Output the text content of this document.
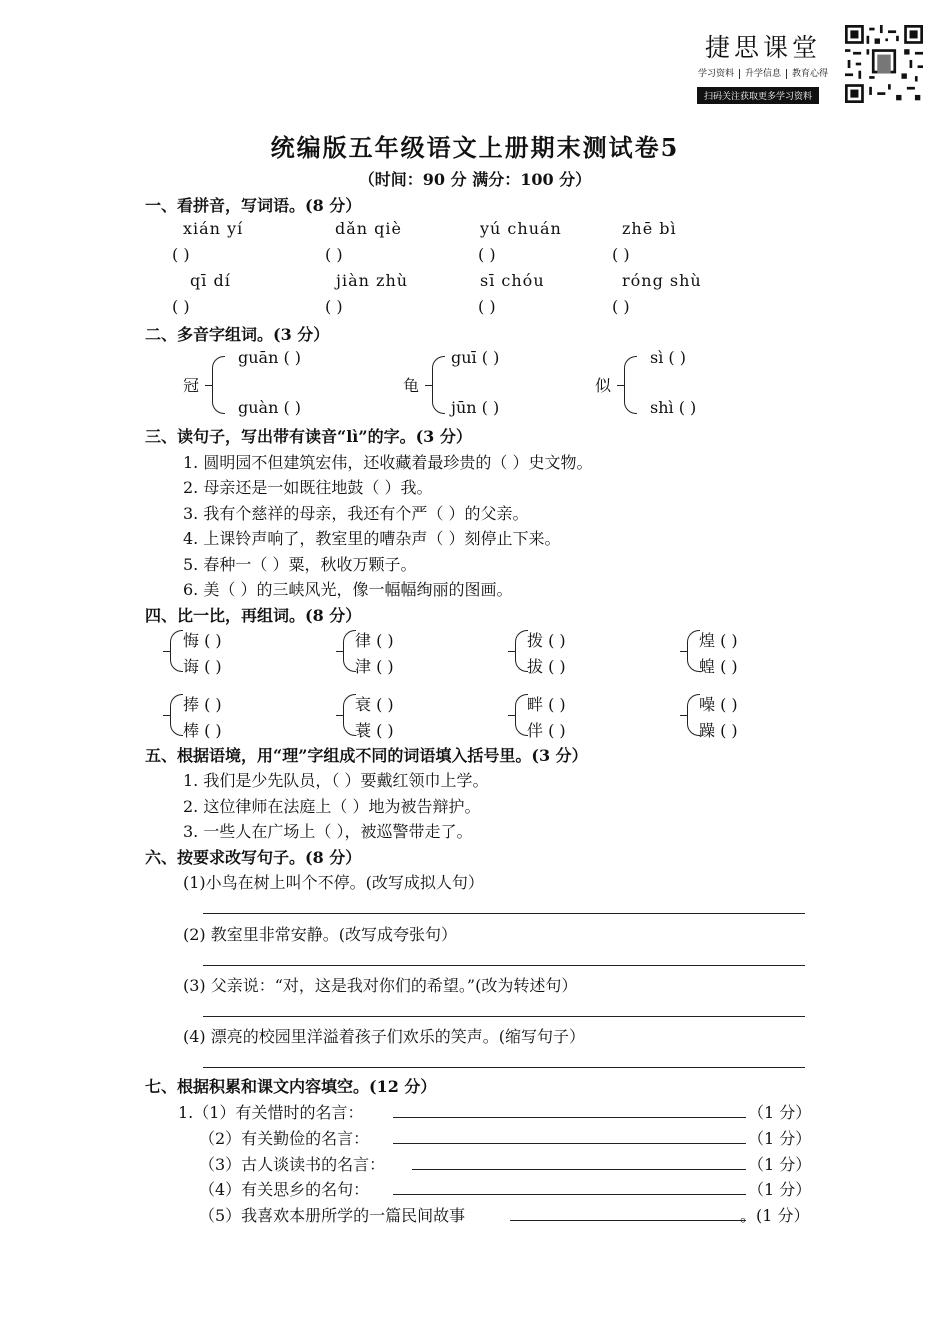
捷思课堂
学习资料 升学信息 教育心得
扫码关注获取更多学习资料
统编版五年级语文上册期末测试卷5
（时间：90 分 满分：100 分）
一、看拼音，写词语。(8 分）
xián yí	dǎn qiè	yú chuán	zhē bì
( )	( )	( )	( )
qī dí	jiàn zhù	sī chóu	róng shù
( )	( )	( )	( )
二、多音字组词。(3 分）
冠
guān ( )
guàn ( )
龟
guī ( )
jūn ( )
似
sì ( )
shì ( )
三、读句子，写出带有读音“lì”的字。(3 分）
1. 圆明园不但建筑宏伟，还收藏着最珍贵的（ ）史文物。
2. 母亲还是一如既往地鼓（ ）我。
3. 我有个慈祥的母亲，我还有个严（ ）的父亲。
4. 上课铃声响了，教室里的嘈杂声（ ）刻停止下来。
5. 春种一（ ）粟，秋收万颗子。
6. 美（ ）的三峡风光，像一幅幅绚丽的图画。
四、比一比，再组词。(8 分）
悔 ( )
诲 ( )
律 ( )
津 ( )
拨 ( )
拔 ( )
煌 ( )
蝗 ( )
捧 ( )
棒 ( )
衰 ( )
蓑 ( )
畔 ( )
伴 ( )
噪 ( )
躁 ( )
五、根据语境，用“理”字组成不同的词语填入括号里。(3 分）
1. 我们是少先队员，（ ）要戴红领巾上学。
2. 这位律师在法庭上（ ）地为被告辩护。
3. 一些人在广场上（ ），被巡警带走了。
六、按要求改写句子。(8 分）
(1)小鸟在树上叫个不停。(改写成拟人句）
(2) 教室里非常安静。(改写成夸张句）
(3) 父亲说：“对，这是我对你们的希望。”(改为转述句）
(4) 漂亮的校园里洋溢着孩子们欢乐的笑声。(缩写句子）
七、根据积累和课文内容填空。(12 分）
1.（1）有关惜时的名言：	（1 分）
（2）有关勤俭的名言：	（1 分）
（3）古人谈读书的名言：	（1 分）
（4）有关思乡的名句：	（1 分）
（5）我喜欢本册所学的一篇民间故事	。(1 分）
